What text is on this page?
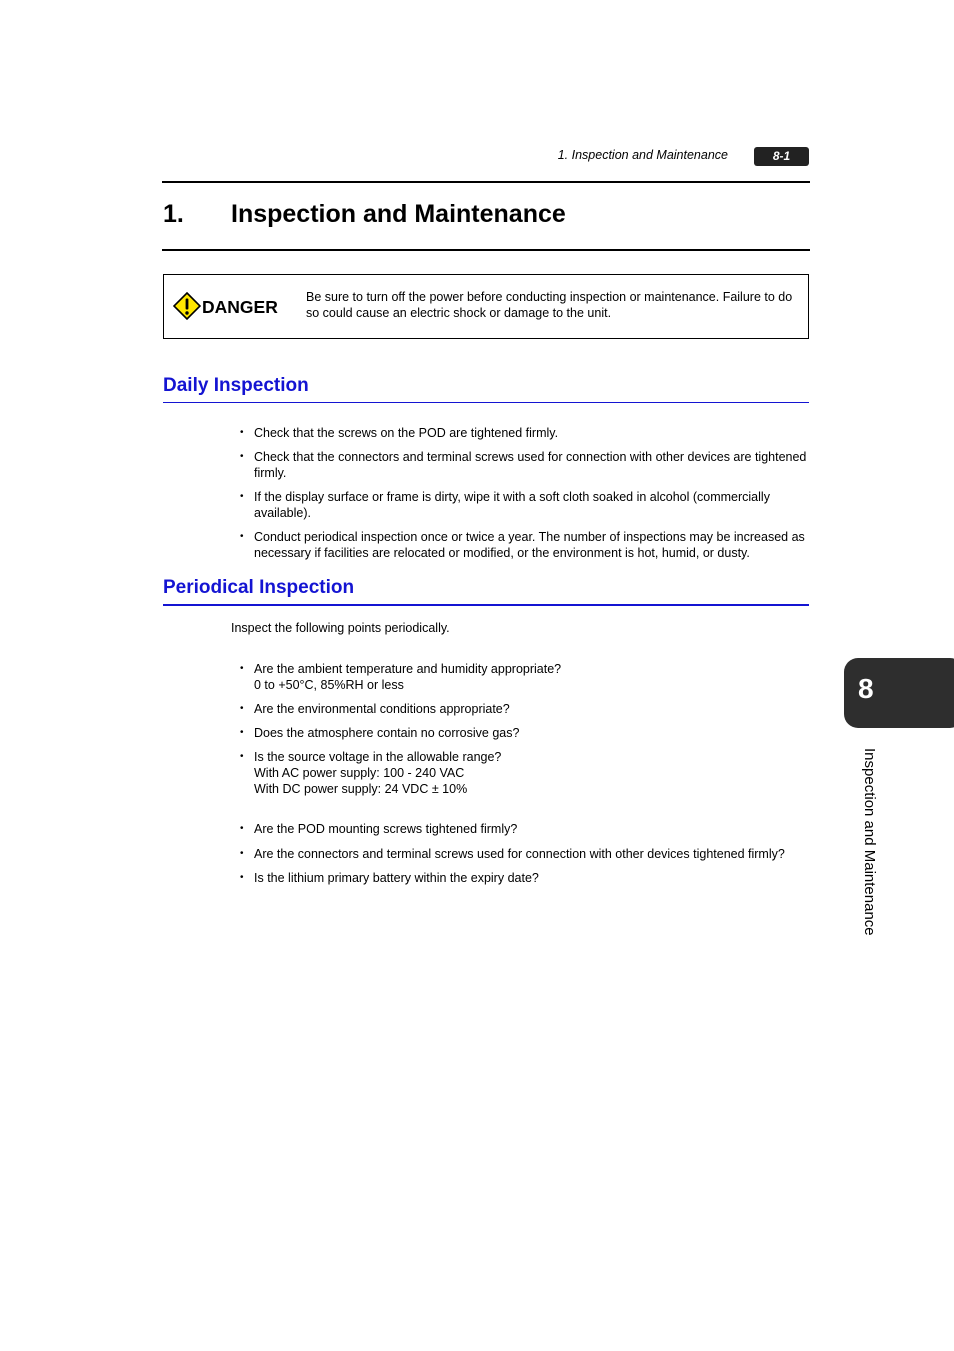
1. Inspection and Maintenance	8-1
1. Inspection and Maintenance
DANGER Be sure to turn off the power before conducting inspection or maintenance. Failure to do so could cause an electric shock or damage to the unit.
Daily Inspection
• Check that the screws on the POD are tightened firmly.
• Check that the connectors and terminal screws used for connection with other devices are tightened firmly.
• If the display surface or frame is dirty, wipe it with a soft cloth soaked in alcohol (commercially available).
• Conduct periodical inspection once or twice a year. The number of inspections may be increased as necessary if facilities are relocated or modified, or the environment is hot, humid, or dusty.
Periodical Inspection
Inspect the following points periodically.
• Are the ambient temperature and humidity appropriate?
0 to +50°C, 85%RH or less
• Are the environmental conditions appropriate?
• Does the atmosphere contain no corrosive gas?
• Is the source voltage in the allowable range?
With AC power supply: 100 - 240 VAC
With DC power supply: 24 VDC ± 10%
• Are the POD mounting screws tightened firmly?
• Are the connectors and terminal screws used for connection with other devices tightened firmly?
• Is the lithium primary battery within the expiry date?
8
Inspection and Maintenance
